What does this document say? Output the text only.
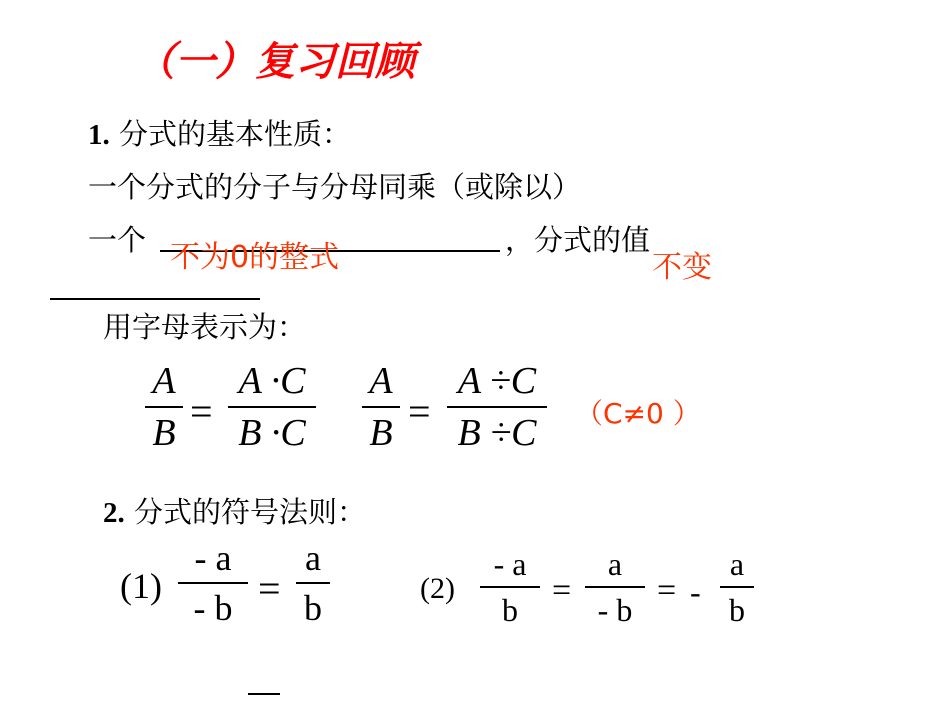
（一）复习回顾
1. 分式的基本性质：
一个分式的分子与分母同乘（或除以）
一个 不为0的整式	，分式的值
不变
用字母表示为：
A
B =
A ·C
B ·C
A
B =
A ÷C
B ÷C	（C≠0 ）
2. 分式的符号法则：
(1)
- a
- b =
a
b	(2)
- a
b
=
a
- b
= -
a
b
